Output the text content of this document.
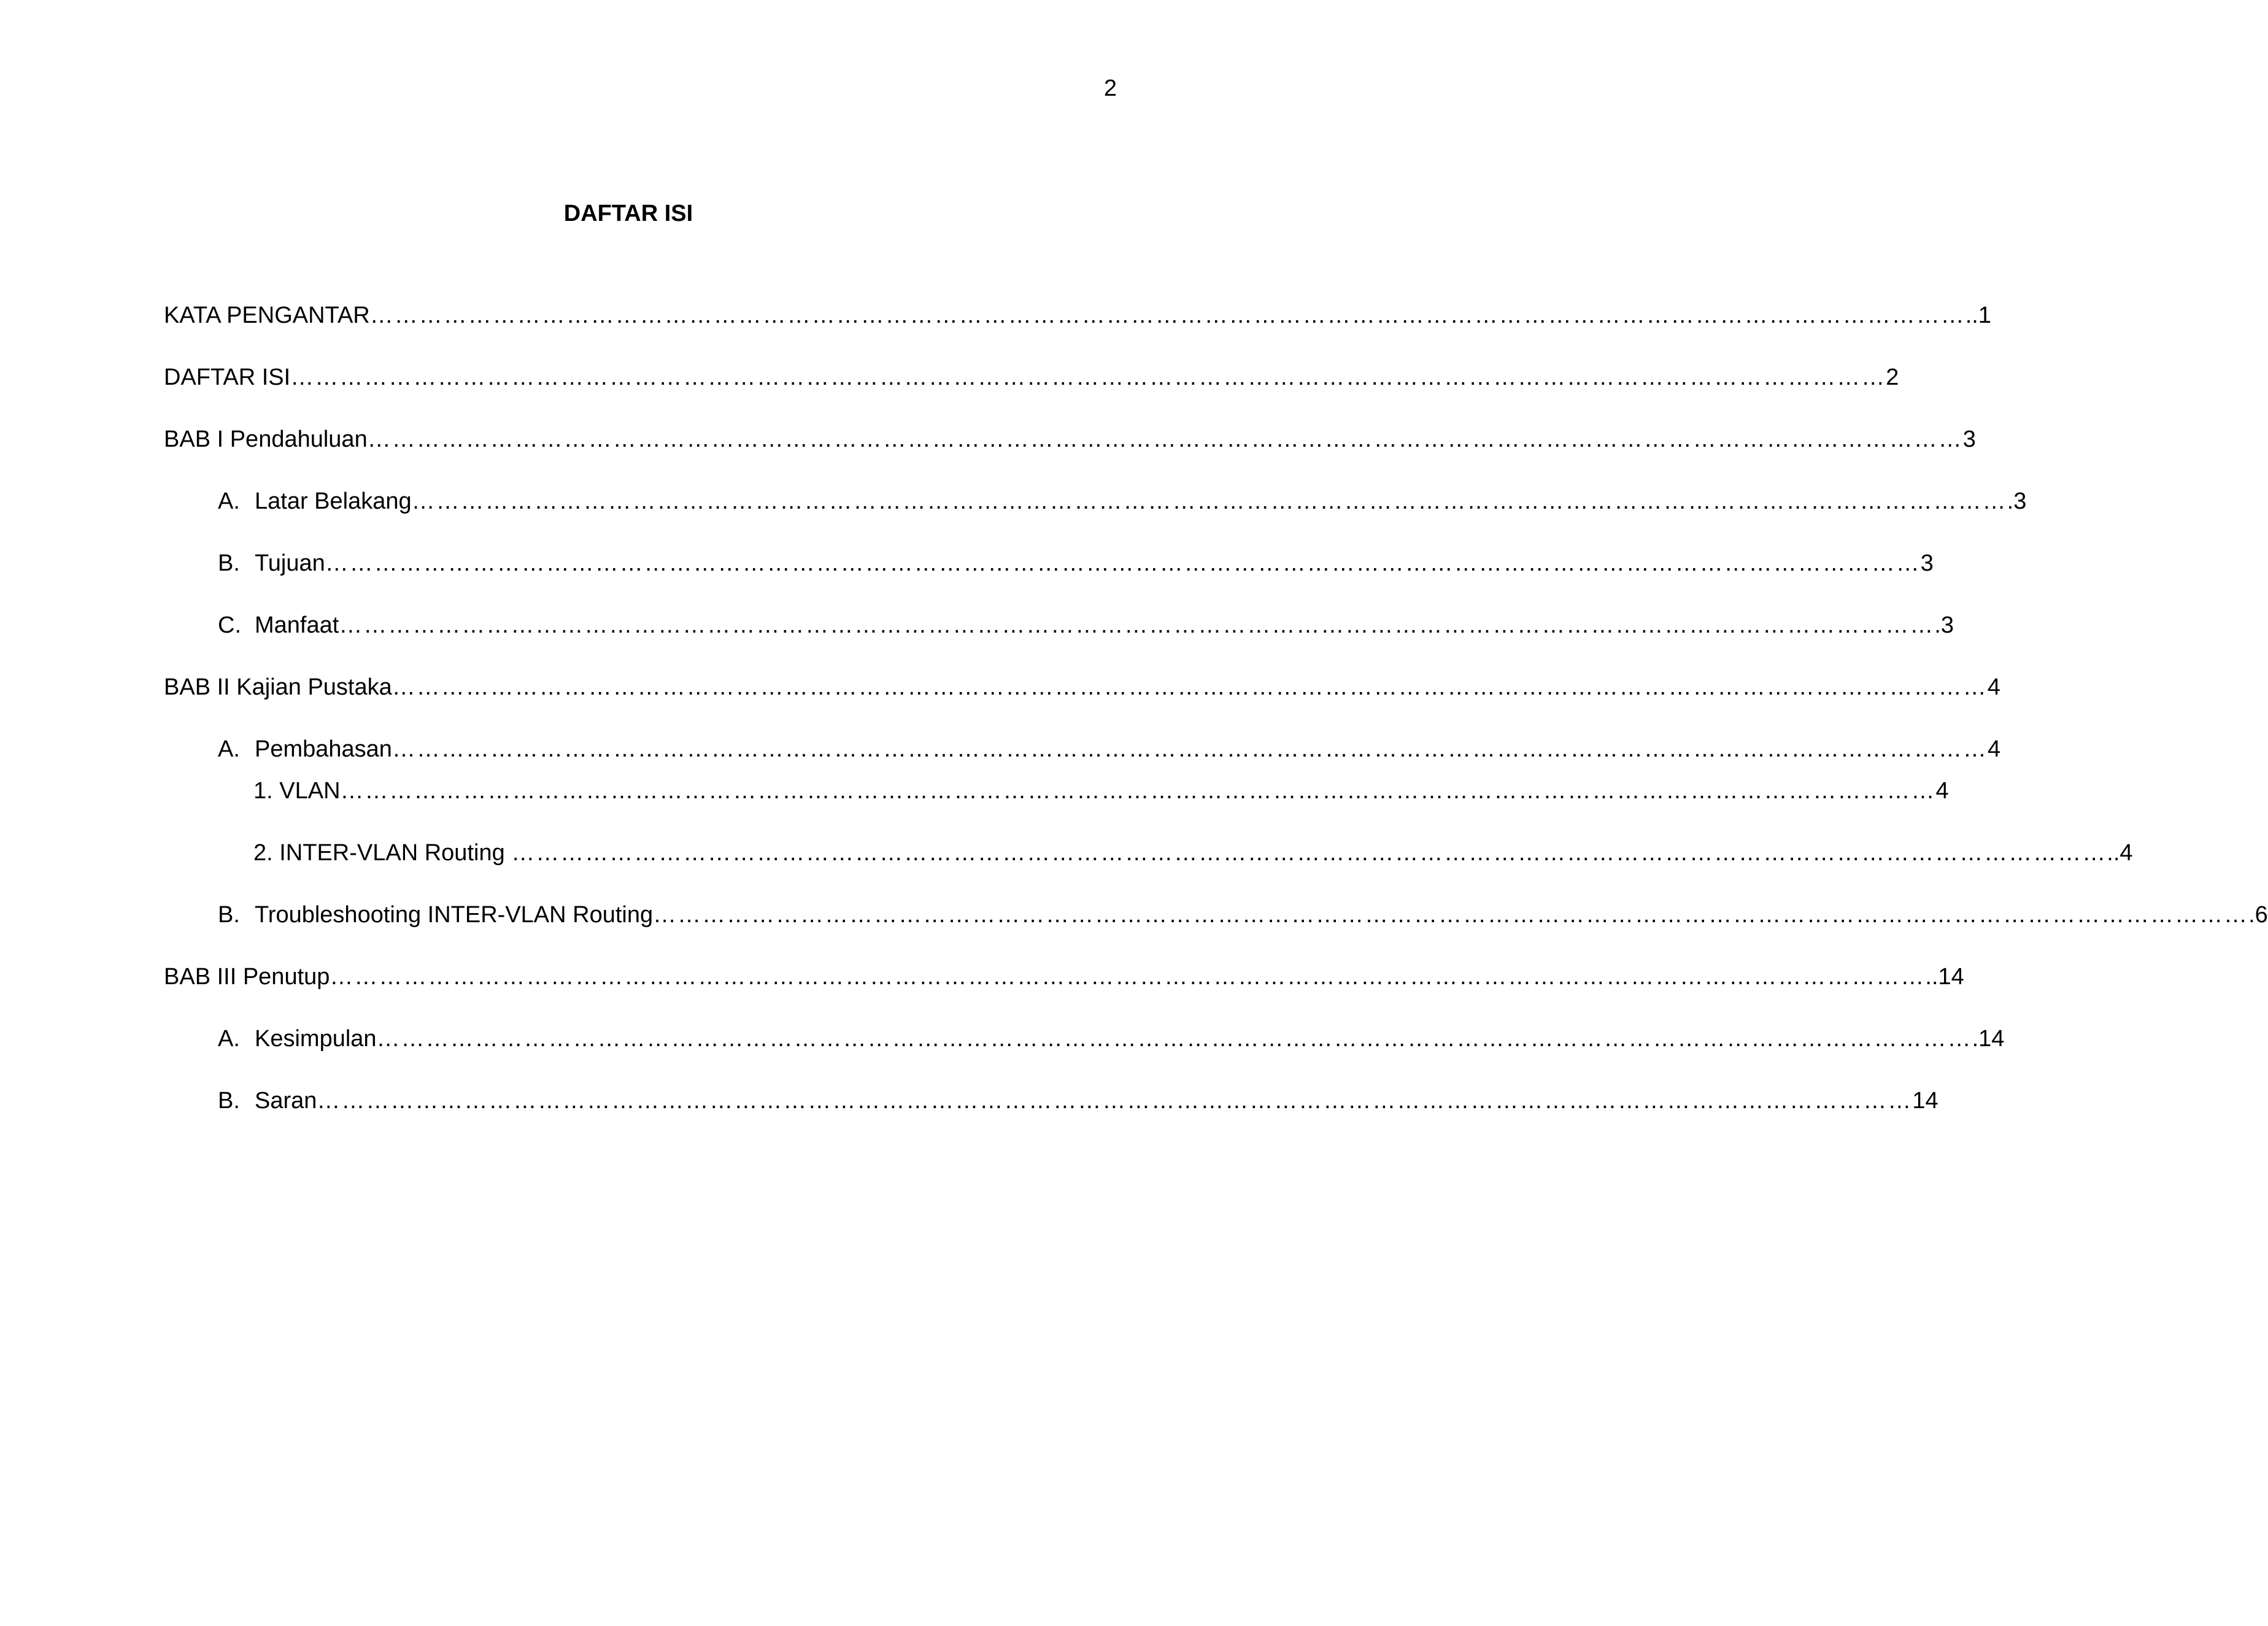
2
DAFTAR ISI
KATA PENGANTAR …………………………………………………………………………………………………………………………………………………………………………… ..1
DAFTAR ISI …………………………………………………………………………………………………………………………………………………………………………… 2
BAB I Pendahuluan …………………………………………………………………………………………………………………………………………………………………………… 3
A. Latar Belakang …………………………………………………………………………………………………………………………………………………………………………… .3
B. Tujuan …………………………………………………………………………………………………………………………………………………………………………… 3
C. Manfaat …………………………………………………………………………………………………………………………………………………………………………… .3
BAB II Kajian Pustaka …………………………………………………………………………………………………………………………………………………………………………… 4
A. Pembahasan …………………………………………………………………………………………………………………………………………………………………………… 4
1. VLAN …………………………………………………………………………………………………………………………………………………………………………… 4
2. INTER-VLAN Routing …………………………………………………………………………………………………………………………………………………………………………… ..4
B. Troubleshooting INTER-VLAN Routing …………………………………………………………………………………………………………………………………………………………………………… .6
BAB III Penutup …………………………………………………………………………………………………………………………………………………………………………… ..14
A. Kesimpulan …………………………………………………………………………………………………………………………………………………………………………… .14
B. Saran …………………………………………………………………………………………………………………………………………………………………………… 14
